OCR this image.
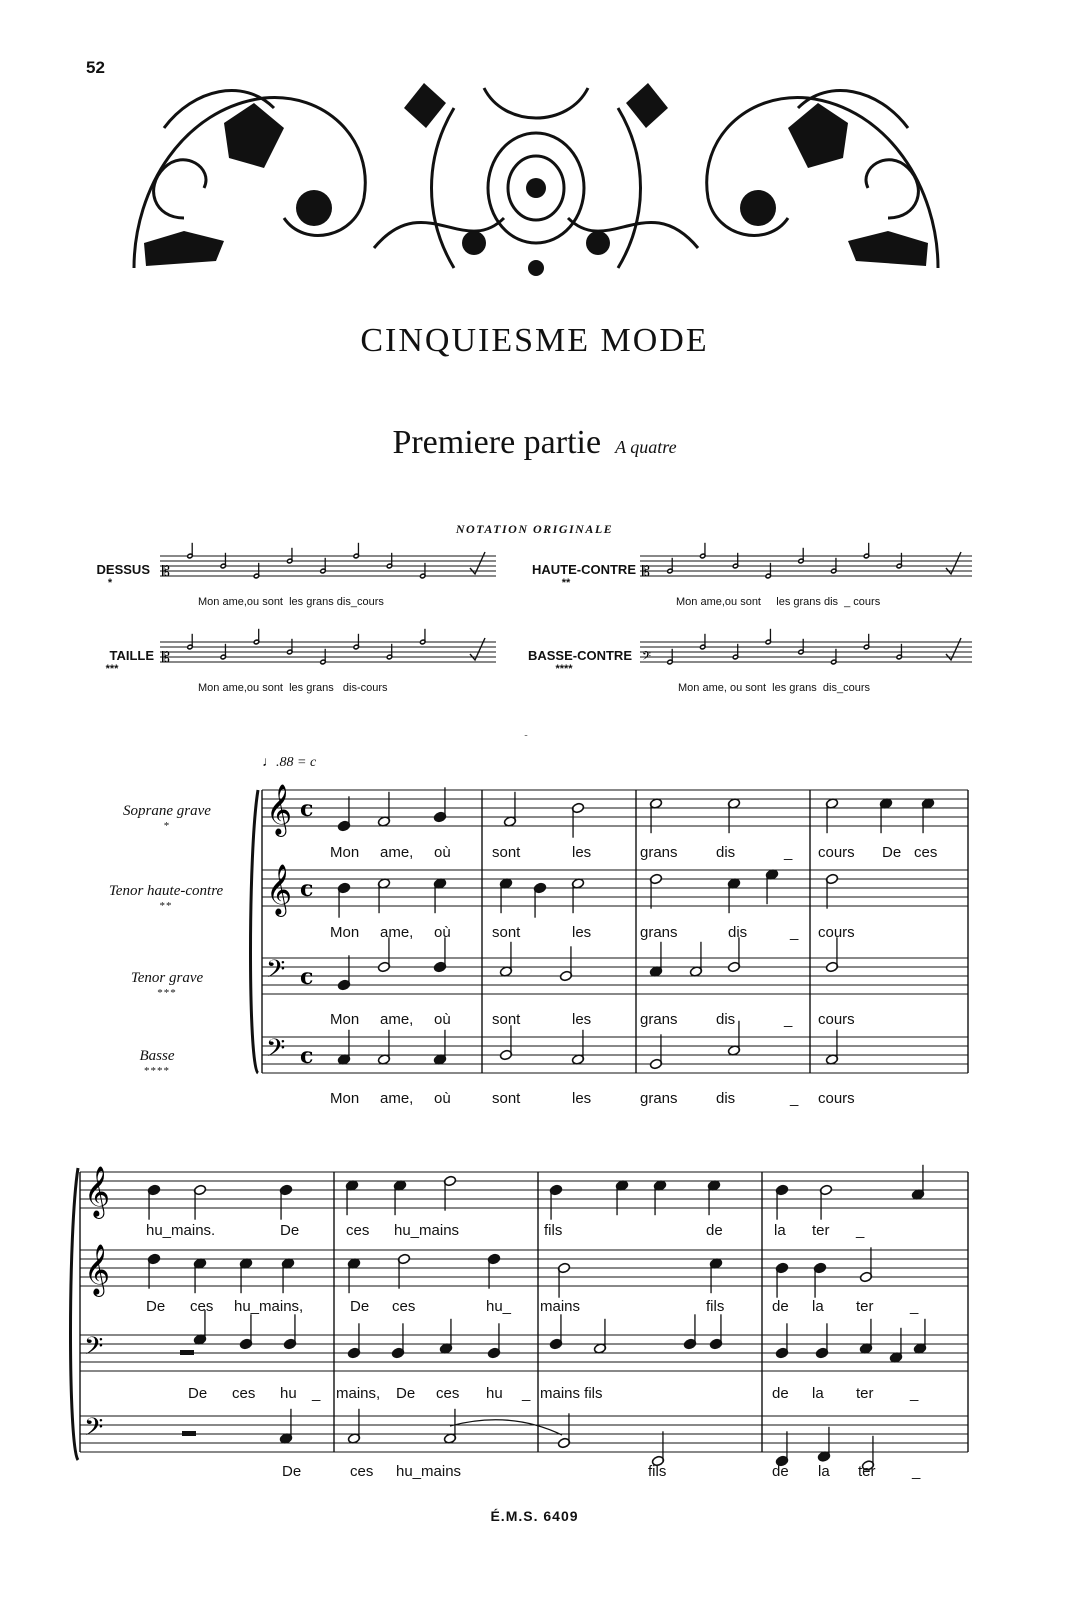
52
CINQUIESME MODE
Premiere partie A quatre
NOTATION ORIGINALE
DESSUS
*
HAUTE-CONTRE
**
TAILLE
***
BASSE-CONTRE
****
Mon ame,ou sont  les grans dis_cours	Mon ame,ou sont     les grans dis  _ cours
Mon ame,ou sont  les grans   dis-cours	Mon ame, ou sont  les grans  dis_cours
♩.88 = c
Soprane grave
*
Tenor haute-contre
**
Tenor grave
***
Basse
****
𝄡	𝄡
𝄡	𝄢
𝄞 c
𝄞 c
𝄢 c
𝄢 c
𝄞
𝄞
𝄢
𝄢
Mon ame, où	sont	les	grans	dis	_ cours De ces
Mon ame, où	sont	les	grans	dis	_ cours
Mon ame, où	sont	les	grans	dis	_ cours
Mon ame, où	sont	les	grans	dis	_ cours
hu_mains.	De	ces hu_mains	fils	de	la ter _
De ces hu_mains,	De ces	hu_ mains	fils	de la ter _
De ces hu _ mains, De ces hu _ mains fils	de la ter _
De	ces hu_mains	fils	de la ter _
É.M.S. 6409
